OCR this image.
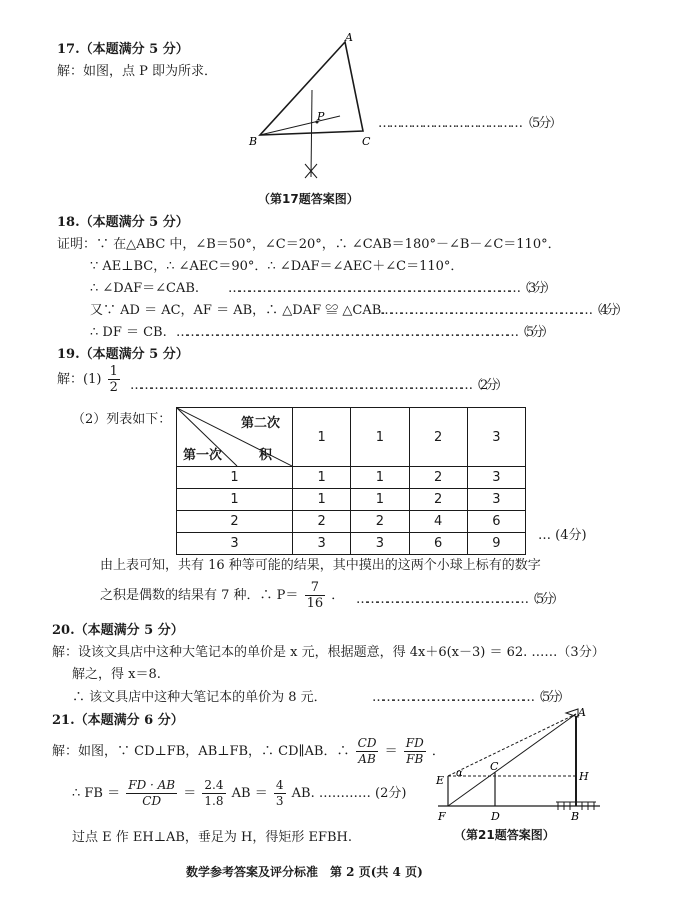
17.（本题满分 5 分）
解：如图，点 P 即为所求．
A
B	C
P	…………………………………（5分）
（第17题答案图）
18.（本题满分 5 分）
证明：∵ 在△ABC 中，∠B＝50°，∠C＝20°，∴ ∠CAB＝180°－∠B－∠C＝110°．
∵ AE⊥BC，∴ ∠AEC＝90°．∴ ∠DAF＝∠AEC＋∠C＝110°．
∴ ∠DAF＝∠CAB. ……………………………………………………………………………（3分）
又∵ AD ＝ AC，AF ＝ AB，∴ △DAF ≌ △CAB.
………………………………………………………（4分）
∴ DF ＝ CB. …………………………………………………………………………………………（5分）
19.（本题满分 5 分）
解：$(1) \frac{1}{2}$ …………………………………………………………………………………………（2分）
（2）列表如下：	第二次
第一次 积	1	1	2	3
1	1	1	2	3
1	1	1	2	3
2	2	2	4	6
3	3	3	6	9
… (4分)
由上表可知，共有 16 种等可能的结果，其中摸出的这两个小球上标有的数字
之积是偶数的结果有 7 种．∴ $P= \frac{7}{16}$ ． ……………………………………………（5分）
20.（本题满分 5 分）
解：设该文具店中这种大笔记本的单价是 x 元，根据题意，得 4x＋6(x－3) ＝ 62. ……（3分）
解之，得 x＝8.
∴ 该文具店中这种大笔记本的单价为 8 元．	…………………………………………（5分）
21.（本题满分 6 分）
解：如图，∵ CD⊥FB，AB⊥FB，∴ CD∥AB．∴ $\frac{CD}{AB} = \frac{FD}{FB}$ ．
∴ FB ＝ $\frac{FD \cdot AB}{CD} = \frac{2.4}{1.8}$ AB ＝ $\frac{4}{3}$ AB. ………… (2分)
过点 E 作 EH⊥AB，垂足为 H，得矩形 EFBH.
A
C
E
α	H
F	D	B
（第21题答案图）
数学参考答案及评分标准　第 2 页(共 4 页)
